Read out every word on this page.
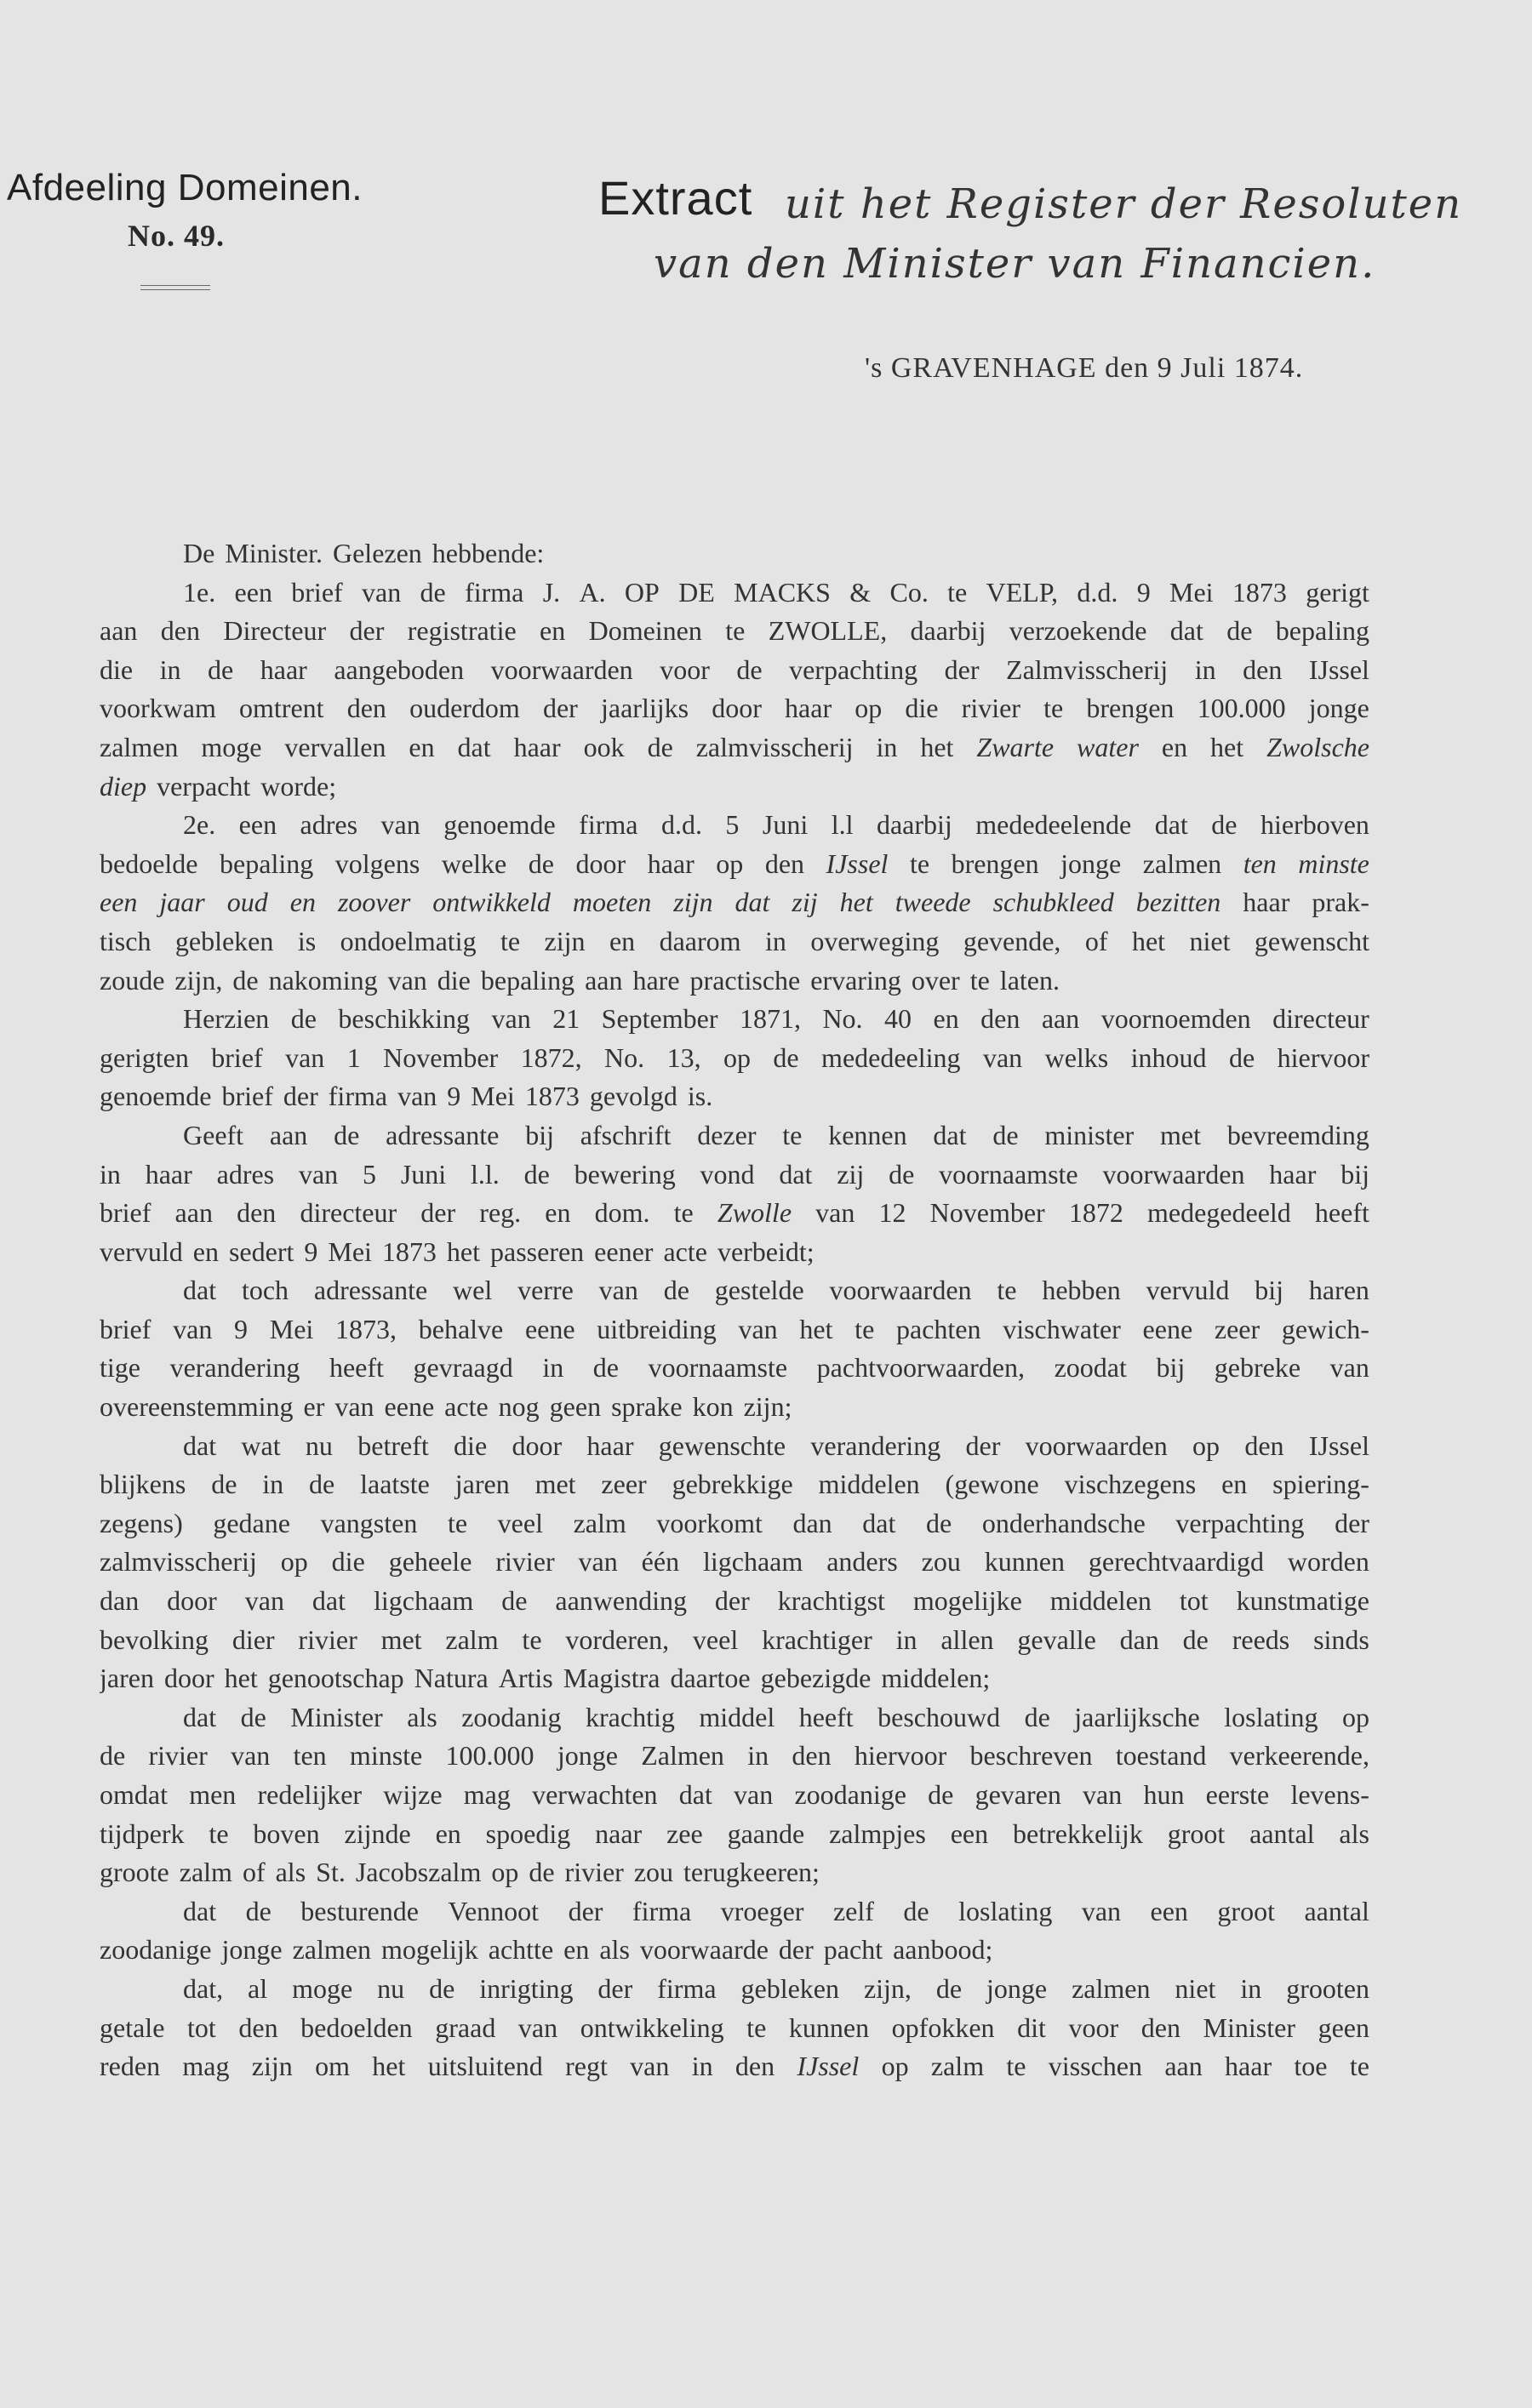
Afdeeling Domeinen.
No. 49.
Extract uit het Register der Resoluten
van den Minister van Financien.
's GRAVENHAGE den 9 Juli 1874.
De Minister. Gelezen hebbende:
1e. een brief van de firma J. A. OP DE MACKS & Co. te VELP, d.d. 9 Mei 1873 gerigt
aan den Directeur der registratie en Domeinen te ZWOLLE, daarbij verzoekende dat de bepaling
die in de haar aangeboden voorwaarden voor de verpachting der Zalmvisscherij in den IJssel
voorkwam omtrent den ouderdom der jaarlijks door haar op die rivier te brengen 100.000 jonge
zalmen moge vervallen en dat haar ook de zalmvisscherij in het Zwarte water en het Zwolsche
diep verpacht worde;
2e. een adres van genoemde firma d.d. 5 Juni l.l daarbij mededeelende dat de hierboven
bedoelde bepaling volgens welke de door haar op den IJssel te brengen jonge zalmen ten minste
een jaar oud en zoover ontwikkeld moeten zijn dat zij het tweede schubkleed bezitten haar prak-
tisch gebleken is ondoelmatig te zijn en daarom in overweging gevende, of het niet gewenscht
zoude zijn, de nakoming van die bepaling aan hare practische ervaring over te laten.
Herzien de beschikking van 21 September 1871, No. 40 en den aan voornoemden directeur
gerigten brief van 1 November 1872, No. 13, op de mededeeling van welks inhoud de hiervoor
genoemde brief der firma van 9 Mei 1873 gevolgd is.
Geeft aan de adressante bij afschrift dezer te kennen dat de minister met bevreemding
in haar adres van 5 Juni l.l. de bewering vond dat zij de voornaamste voorwaarden haar bij
brief aan den directeur der reg. en dom. te Zwolle van 12 November 1872 medegedeeld heeft
vervuld en sedert 9 Mei 1873 het passeren eener acte verbeidt;
dat toch adressante wel verre van de gestelde voorwaarden te hebben vervuld bij haren
brief van 9 Mei 1873, behalve eene uitbreiding van het te pachten vischwater eene zeer gewich-
tige verandering heeft gevraagd in de voornaamste pachtvoorwaarden, zoodat bij gebreke van
overeenstemming er van eene acte nog geen sprake kon zijn;
dat wat nu betreft die door haar gewenschte verandering der voorwaarden op den IJssel
blijkens de in de laatste jaren met zeer gebrekkige middelen (gewone vischzegens en spiering-
zegens) gedane vangsten te veel zalm voorkomt dan dat de onderhandsche verpachting der
zalmvisscherij op die geheele rivier van één ligchaam anders zou kunnen gerechtvaardigd worden
dan door van dat ligchaam de aanwending der krachtigst mogelijke middelen tot kunstmatige
bevolking dier rivier met zalm te vorderen, veel krachtiger in allen gevalle dan de reeds sinds
jaren door het genootschap Natura Artis Magistra daartoe gebezigde middelen;
dat de Minister als zoodanig krachtig middel heeft beschouwd de jaarlijksche loslating op
de rivier van ten minste 100.000 jonge Zalmen in den hiervoor beschreven toestand verkeerende,
omdat men redelijker wijze mag verwachten dat van zoodanige de gevaren van hun eerste levens-
tijdperk te boven zijnde en spoedig naar zee gaande zalmpjes een betrekkelijk groot aantal als
groote zalm of als St. Jacobszalm op de rivier zou terugkeeren;
dat de besturende Vennoot der firma vroeger zelf de loslating van een groot aantal
zoodanige jonge zalmen mogelijk achtte en als voorwaarde der pacht aanbood;
dat, al moge nu de inrigting der firma gebleken zijn, de jonge zalmen niet in grooten
getale tot den bedoelden graad van ontwikkeling te kunnen opfokken dit voor den Minister geen
reden mag zijn om het uitsluitend regt van in den IJssel op zalm te visschen aan haar toe te
